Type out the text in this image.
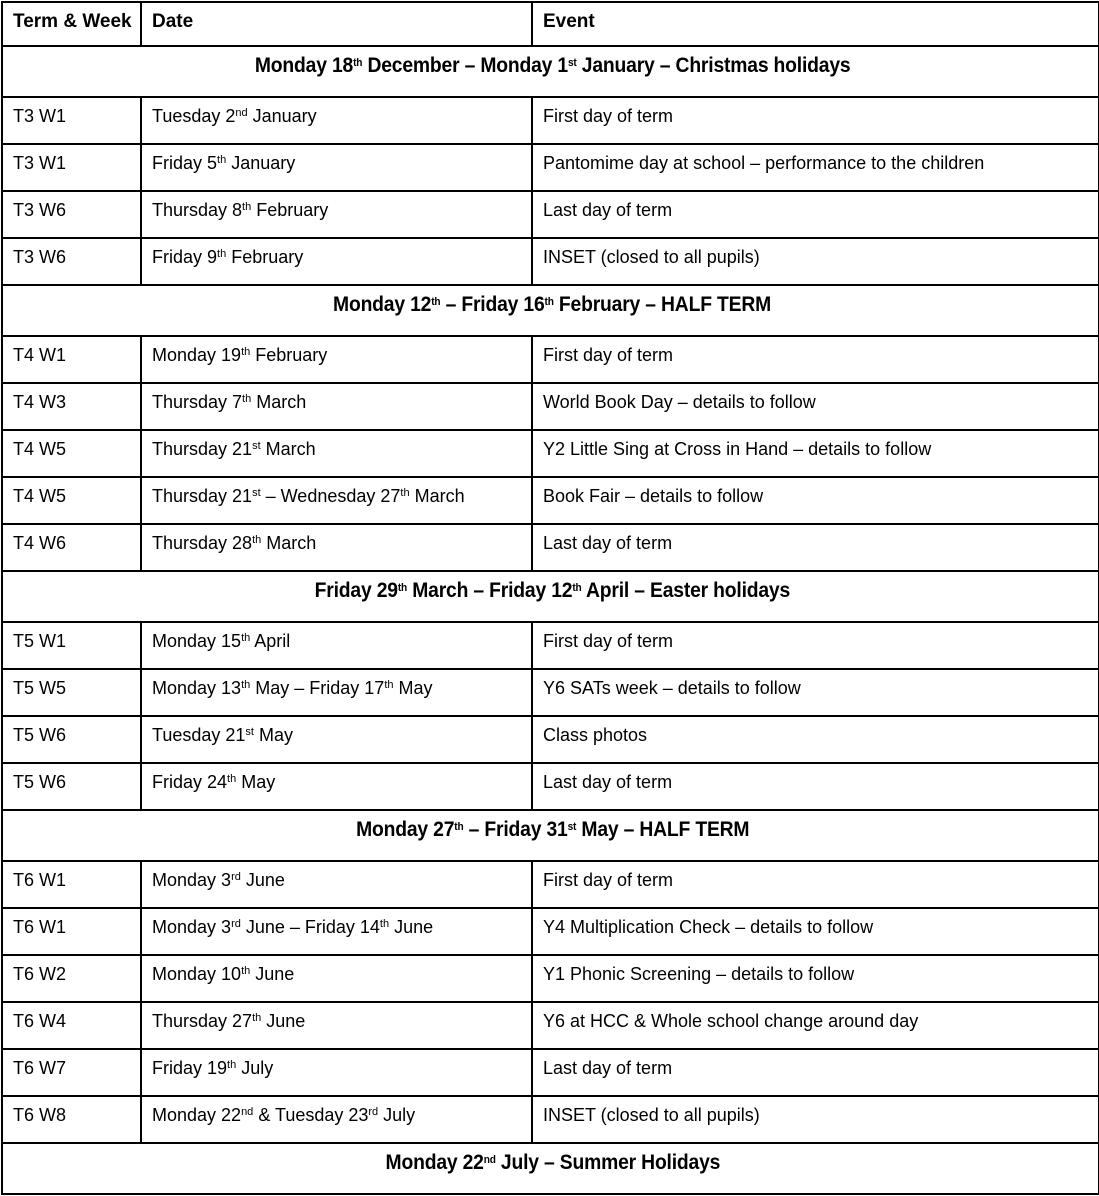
Term & Week	Date	Event
Monday 18th December – Monday 1st January – Christmas holidays		
T3 W1	Tuesday 2nd January	First day of term
T3 W1	Friday 5th January	Pantomime day at school – performance to the children
T3 W6	Thursday 8th February	Last day of term
T3 W6	Friday 9th February	INSET (closed to all pupils)
Monday 12th – Friday 16th February – HALF TERM		
T4 W1	Monday 19th February	First day of term
T4 W3	Thursday 7th March	World Book Day – details to follow
T4 W5	Thursday 21st March	Y2 Little Sing at Cross in Hand – details to follow
T4 W5	Thursday 21st – Wednesday 27th March	Book Fair – details to follow
T4 W6	Thursday 28th March	Last day of term
Friday 29th March – Friday 12th April – Easter holidays		
T5 W1	Monday 15th April	First day of term
T5 W5	Monday 13th May – Friday 17th May	Y6 SATs week – details to follow
T5 W6	Tuesday 21st May	Class photos
T5 W6	Friday 24th May	Last day of term
Monday 27th – Friday 31st May – HALF TERM		
T6 W1	Monday 3rd June	First day of term
T6 W1	Monday 3rd June – Friday 14th June	Y4 Multiplication Check – details to follow
T6 W2	Monday 10th June	Y1 Phonic Screening – details to follow
T6 W4	Thursday 27th June	Y6 at HCC & Whole school change around day
T6 W7	Friday 19th July	Last day of term
T6 W8	Monday 22nd & Tuesday 23rd July	INSET (closed to all pupils)
Monday 22nd July – Summer Holidays		
